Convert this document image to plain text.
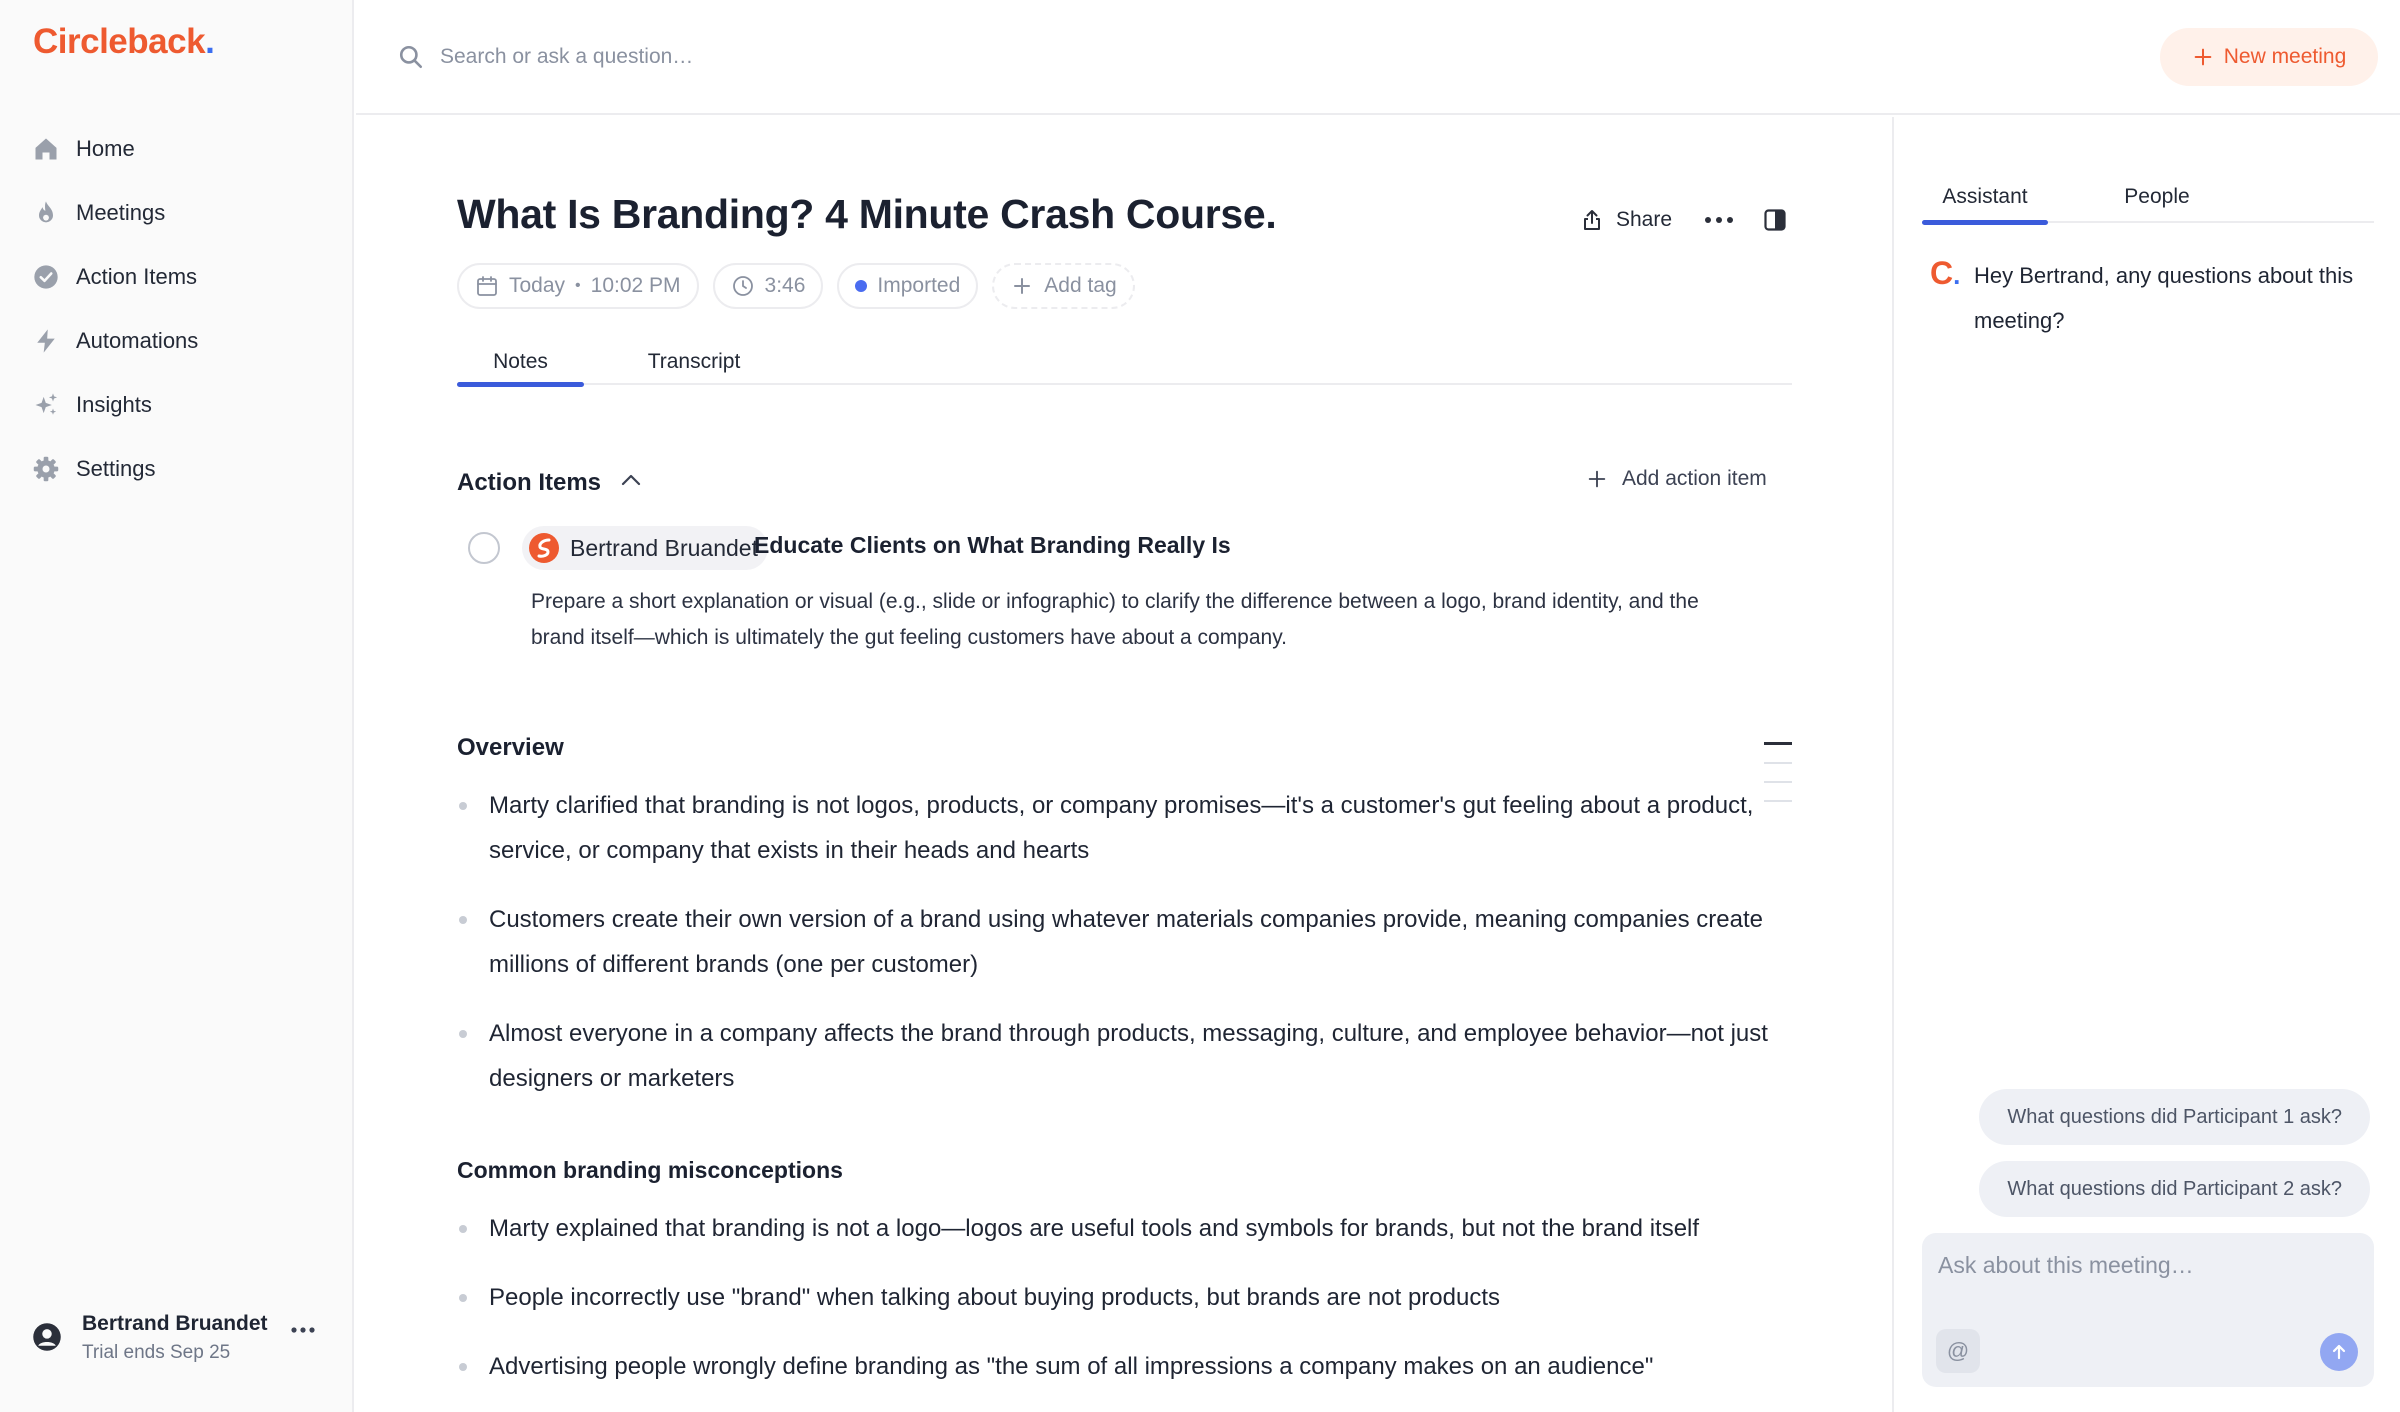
Circleback.
Home
Meetings
Action Items
Automations
Insights
Settings
Bertrand Bruandet
Trial ends Sep 25
Search or ask a question…
New meeting
What Is Branding? 4 Minute Crash Course.	Share
Today • 10:02 PM	3:46	Imported	Add tag
Notes	Transcript
Action Items	Add action item
Bertrand Bruandet
Educate Clients on What Branding Really Is
Prepare a short explanation or visual (e.g., slide or infographic) to clarify the difference between a logo, brand identity, and the brand itself—which is ultimately the gut feeling customers have about a company.
Overview
Marty clarified that branding is not logos, products, or company promises—it's a customer's gut feeling about a product, service, or company that exists in their heads and hearts
Customers create their own version of a brand using whatever materials companies provide, meaning companies create millions of different brands (one per customer)
Almost everyone in a company affects the brand through products, messaging, culture, and employee behavior—not just designers or marketers
Common branding misconceptions
Marty explained that branding is not a logo—logos are useful tools and symbols for brands, but not the brand itself
People incorrectly use "brand" when talking about buying products, but brands are not products
Advertising people wrongly define branding as "the sum of all impressions a company makes on an audience"
Assistant	People
C. Hey Bertrand, any questions about this meeting?
What questions did Participant 1 ask?
What questions did Participant 2 ask?
Ask about this meeting…
@
